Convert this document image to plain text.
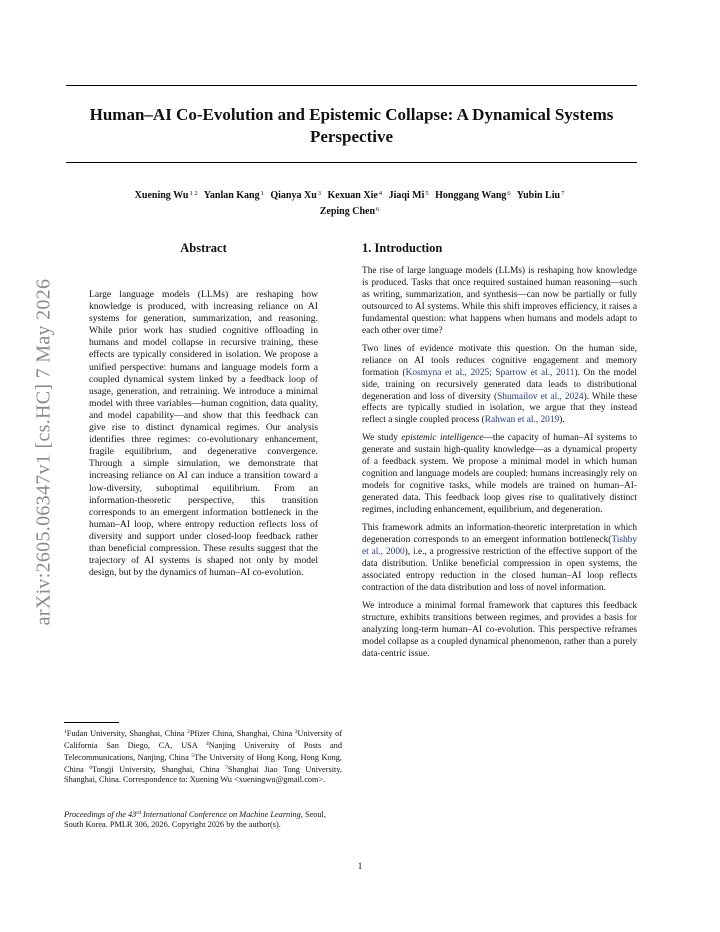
Human–AI Co-Evolution and Epistemic Collapse: A Dynamical Systems Perspective
Xuening $Wu^{1 2}$ Yanlan Kang$^1$ Qianya Xu$^3$ Kexuan Xie$^4$ Jiaqi Mi$^5$ Honggang Wang$^6$ Yubin Liu$^7$
Zeping Chen$^6$
arXiv:2605.06347v1 [cs.HC] 7 May 2026
Abstract
Large language models (LLMs) are reshaping how knowledge is produced, with increasing reliance on AI systems for generation, summarization, and reasoning. While prior work has studied cognitive offloading in humans and model collapse in recursive training, these effects are typically considered in isolation. We propose a unified perspective: humans and language models form a coupled dynamical system linked by a feedback loop of usage, generation, and retraining. We introduce a minimal model with three variables—human cognition, data quality, and model capability—and show that this feedback can give rise to distinct dynamical regimes. Our analysis identifies three regimes: co-evolutionary enhancement, fragile equilibrium, and degenerative convergence. Through a simple simulation, we demonstrate that increasing reliance on AI can induce a transition toward a low-diversity, suboptimal equilibrium. From an information-theoretic perspective, this transition corresponds to an emergent information bottleneck in the human–AI loop, where entropy reduction reflects loss of diversity and support under closed-loop feedback rather than beneficial compression. These results suggest that the trajectory of AI systems is shaped not only by model design, but by the dynamics of human–AI co-evolution.
1. Introduction

The rise of large language models (LLMs) is reshaping how knowledge is produced. Tasks that once required sustained human reasoning—such as writing, summarization, and synthesis—can now be partially or fully outsourced to AI systems. While this shift improves efficiency, it raises a fundamental question: what happens when humans and models adapt to each other over time?

Two lines of evidence motivate this question. On the human side, reliance on AI tools reduces cognitive engagement and memory formation (Kosmyna et al., 2025; Sparrow et al., 2011). On the model side, training on recursively generated data leads to distributional degeneration and loss of diversity (Shumailov et al., 2024). While these effects are typically studied in isolation, we argue that they instead reflect a single coupled process (Rahwan et al., 2019).

We study epistemic intelligence—the capacity of human–AI systems to generate and sustain high-quality knowledge—as a dynamical property of a feedback system. We propose a minimal model in which human cognition and language models are coupled: humans increasingly rely on models for cognitive tasks, while models are trained on human–AI-generated data. This feedback loop gives rise to qualitatively distinct regimes, including enhancement, equilibrium, and degeneration.

This framework admits an information-theoretic interpretation in which degeneration corresponds to an emergent information bottleneck(Tishby et al., 2000), i.e., a progressive restriction of the effective support of the data distribution. Unlike beneficial compression in open systems, the associated entropy reduction in the closed human–AI loop reflects contraction of the data distribution and loss of novel information.

We introduce a minimal formal framework that captures this feedback structure, exhibits transitions between regimes, and provides a basis for analyzing long-term human–AI co-evolution. This perspective reframes model collapse as a coupled dynamical phenomenon, rather than a purely data-centric issue.

$^1$Fudan University, Shanghai, China $^2$Pfizer China, Shanghai, China $^3$University of California San Diego, CA, USA $^4$Nanjing University of Posts and Telecommunications, Nanjing, China $^5$The University of Hong Kong, Hong Kong, China $^6$Tongji University, Shanghai, China $^7$Shanghai Jiao Tong University, Shanghai, China. Correspondence to: Xuening Wu <xueningwu@gmail.com>.
Proceedings of the 43rd International Conference on Machine Learning, Seoul, South Korea. PMLR 306, 2026. Copyright 2026 by the author(s).
1
